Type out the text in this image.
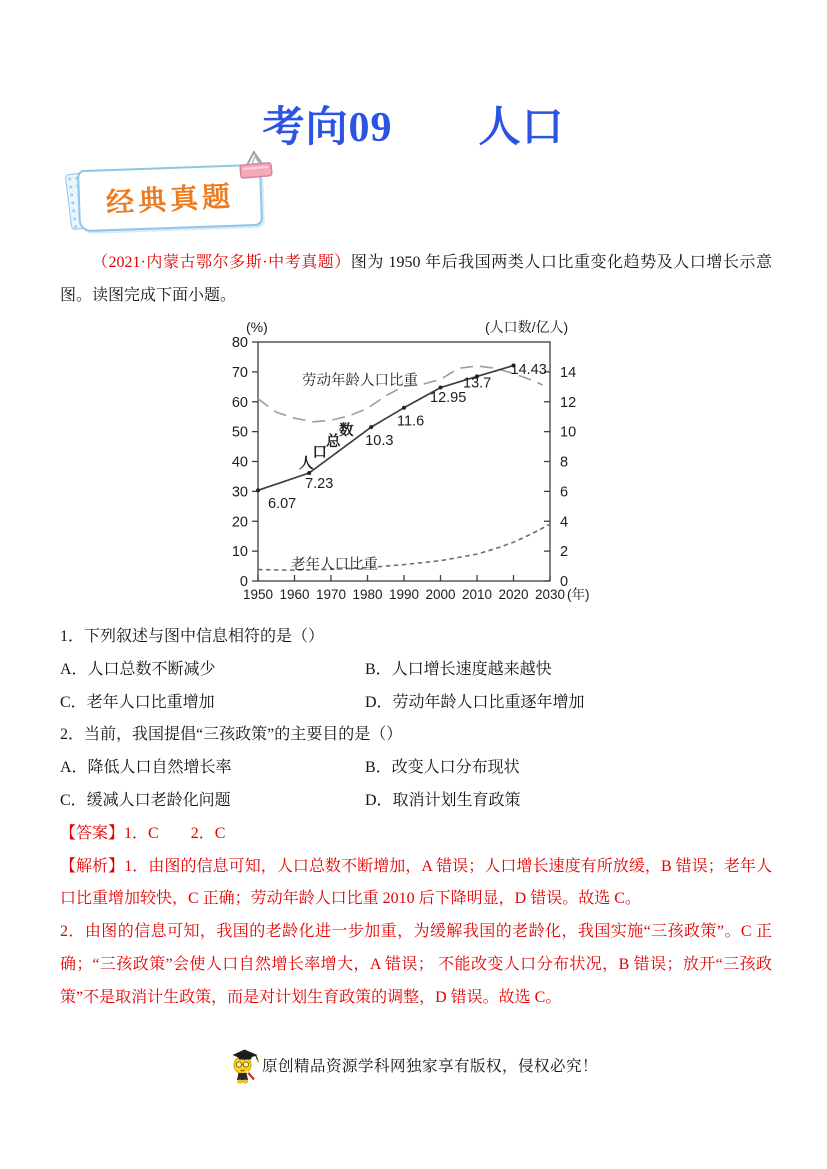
考向09　　人口
经典真题

（2021·内蒙古鄂尔多斯·中考真题）图为 1950 年后我国两类人口比重变化趋势及人口增长示意图。读图完成下面小题。

0
10
20
30
40
50
60
70
80
0
2
4
6
8
10
12
14
1950 1960 1970 1980 1990 2000 2010 2020 2030
(%)	(人口数/亿人)
(年)
6.07
7.23
10.3
11.6
12.95
13.7
14.43
劳动年龄人口比重
老年人口比重
人
口
总
数

1．下列叙述与图中信息相符的是（）

A．人口总数不断减少	B．人口增长速度越来越快
C．老年人口比重增加	D．劳动年龄人口比重逐年增加

2．当前，我国提倡“三孩政策”的主要目的是（）

A．降低人口自然增长率	B．改变人口分布现状
C．缓减人口老龄化问题	D．取消计划生育政策

【答案】1．C　　2．C

【解析】1．由图的信息可知，人口总数不断增加，A 错误；人口增长速度有所放缓，B 错误；老年人口比重增加较快，C 正确；劳动年龄人口比重 2010 后下降明显，D 错误。故选 C。

2．由图的信息可知，我国的老龄化进一步加重，为缓解我国的老龄化，我国实施“三孩政策”。C 正确；“三孩政策”会使人口自然增长率增大，A 错误； 不能改变人口分布状况，B 错误；放开“三孩政策”不是取消计生政策，而是对计划生育政策的调整，D 错误。故选 C。

原创精品资源学科网独家享有版权，侵权必究！
